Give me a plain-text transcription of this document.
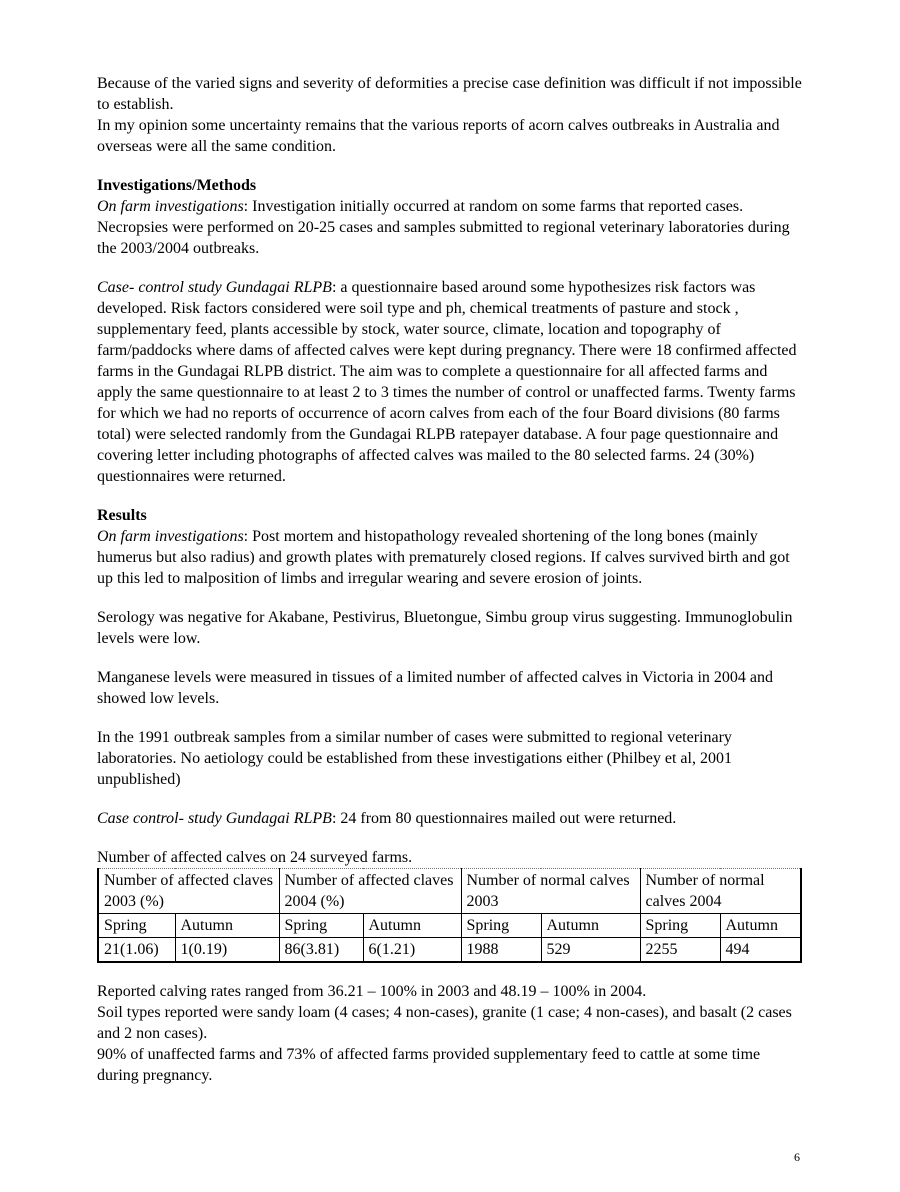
Because of the varied signs and severity of deformities a precise case definition was difficult if not impossible to establish.

In my opinion some uncertainty remains that the various reports of acorn calves outbreaks in Australia and overseas were all the same condition.

Investigations/Methods

On farm investigations: Investigation initially occurred at random on some farms that reported cases. Necropsies were performed on 20-25 cases and samples submitted to regional veterinary laboratories during the 2003/2004 outbreaks.

Case- control study Gundagai RLPB: a questionnaire based around some hypothesizes risk factors was developed. Risk factors considered were soil type and ph, chemical treatments of pasture and stock , supplementary feed, plants accessible by stock, water source, climate, location and topography of farm/paddocks where dams of affected calves were kept during pregnancy. There were 18 confirmed affected farms in the Gundagai RLPB district. The aim was to complete a questionnaire for all affected farms and apply the same questionnaire to at least 2 to 3 times the number of control or unaffected farms. Twenty farms for which we had no reports of occurrence of acorn calves from each of the four Board divisions (80 farms total) were selected randomly from the Gundagai RLPB ratepayer database. A four page questionnaire and covering letter including photographs of affected calves was mailed to the 80 selected farms. 24 (30%) questionnaires were returned.

Results

On farm investigations: Post mortem and histopathology revealed shortening of the long bones (mainly humerus but also radius) and growth plates with prematurely closed regions. If calves survived birth and got up this led to malposition of limbs and irregular wearing and severe erosion of joints.

Serology was negative for Akabane, Pestivirus, Bluetongue, Simbu group virus suggesting. Immunoglobulin levels were low.

Manganese levels were measured in tissues of a limited number of affected calves in Victoria in 2004 and showed low levels.

In the 1991 outbreak samples from a similar number of cases were submitted to regional veterinary laboratories. No aetiology could be established from these investigations either (Philbey et al, 2001 unpublished)

Case control- study Gundagai RLPB: 24 from 80 questionnaires mailed out were returned.

Number of affected calves on 24 surveyed farms.

Number of affected claves 2003 (%)		Number of affected claves 2004 (%)		Number of normal calves 2003		Number of normal calves 2004	
Spring	Autumn	Spring	Autumn	Spring	Autumn	Spring	Autumn
21(1.06)	1(0.19)	86(3.81)	6(1.21)	1988	529	2255	494

Reported calving rates ranged from 36.21 – 100% in 2003 and 48.19 – 100% in 2004.

Soil types reported were sandy loam (4 cases; 4 non-cases), granite (1 case; 4 non-cases), and basalt (2 cases and 2 non cases).

90% of unaffected farms and 73% of affected farms provided supplementary feed to cattle at some time during pregnancy.

6
